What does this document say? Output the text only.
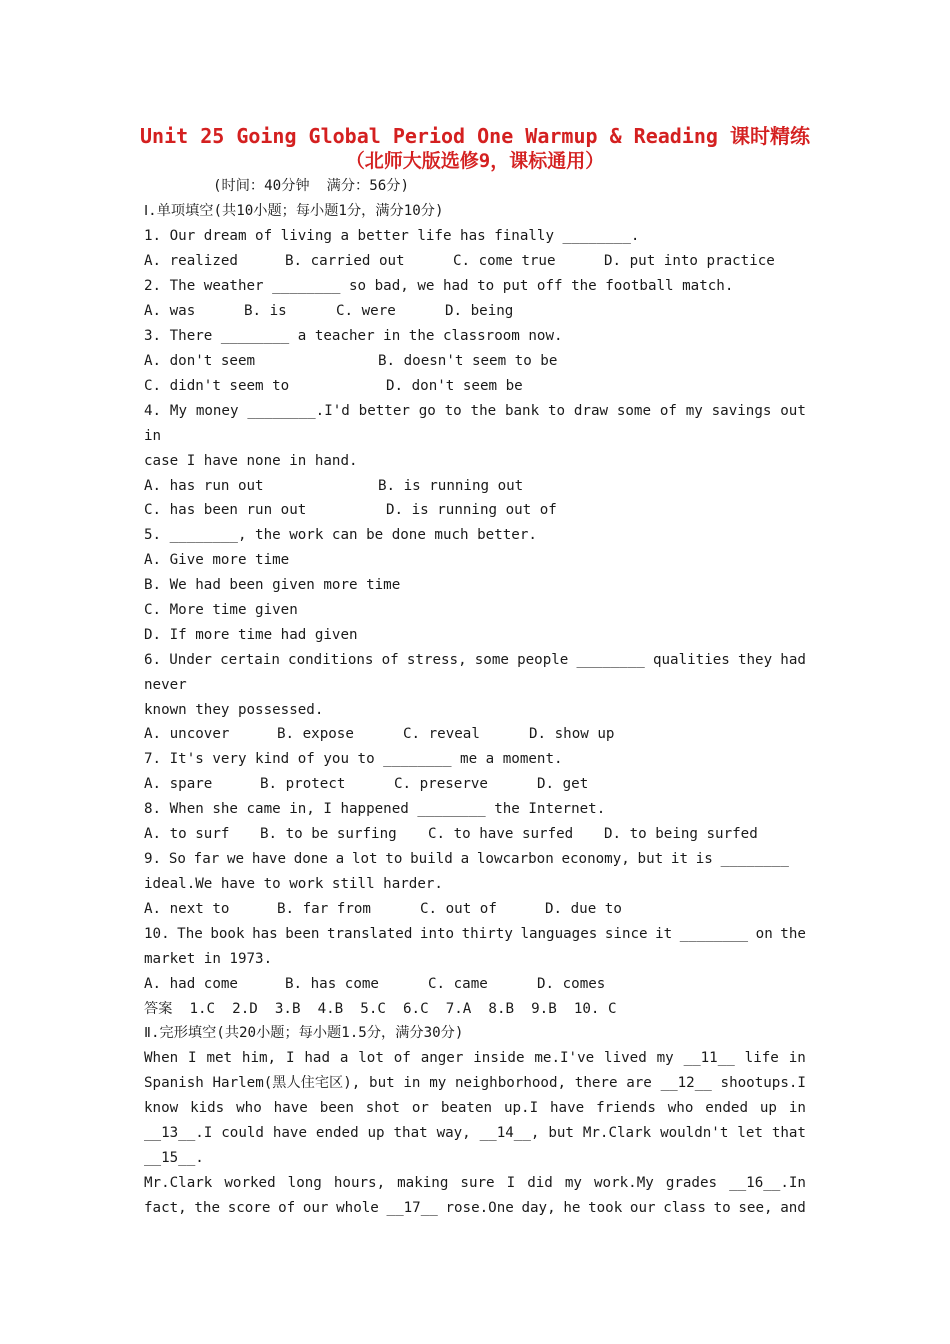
Unit 25 Going Global Period One Warmup & Reading 课时精练
（北师大版选修9，课标通用）
(时间：40分钟  满分：56分)
Ⅰ.单项填空(共10小题；每小题1分，满分10分)
1. Our dream of living a better life has finally ________.
A. realized	B. carried out	C. come true	D. put into practice
2. The weather ________ so bad, we had to put off the football match.
A. was	B. is	C. were	D. being
3. There ________ a teacher in the classroom now.
A. don't seem	B. doesn't seem to be
C. didn't seem to	D. don't seem be
4. My money ________.I'd better go to the bank to draw some of my savings out
in
case I have none in hand.
A. has run out	B. is running out
C. has been run out	D. is running out of
5. ________, the work can be done much better.
A. Give more time
B. We had been given more time
C. More time given
D. If more time had given
6. Under certain conditions of stress, some people ________ qualities they had
never
known they possessed.
A. uncover	B. expose	C. reveal	D. show up
7. It's very kind of you to ________ me a moment.
A. spare	B. protect	C. preserve	D. get
8. When she came in, I happened ________ the Internet.
A. to surf B. to be surfing C. to have surfed D. to being surfed
9. So far we have done a lot to build a lowcarbon economy, but it is ________
ideal.We have to work still harder.
A. next to	B. far from	C. out of	D. due to
10. The book has been translated into thirty languages since it ________ on the
market in 1973.
A. had come	B. has come	C. came	D. comes
答案  1.C  2.D  3.B  4.B  5.C  6.C  7.A  8.B  9.B  10. C
Ⅱ.完形填空(共20小题；每小题1.5分，满分30分)
When I met him, I had a lot of anger inside me.I've lived my __11__ life in
Spanish Harlem(黑人住宅区), but in my neighborhood, there are __12__ shootups.I
know kids who have been shot or beaten up.I have friends who ended up in
__13__.I could have ended up that way, __14__, but Mr.Clark wouldn't let that
__15__.
Mr.Clark worked long hours, making sure I did my work.My grades __16__.In
fact, the score of our whole __17__ rose.One day, he took our class to see, and
